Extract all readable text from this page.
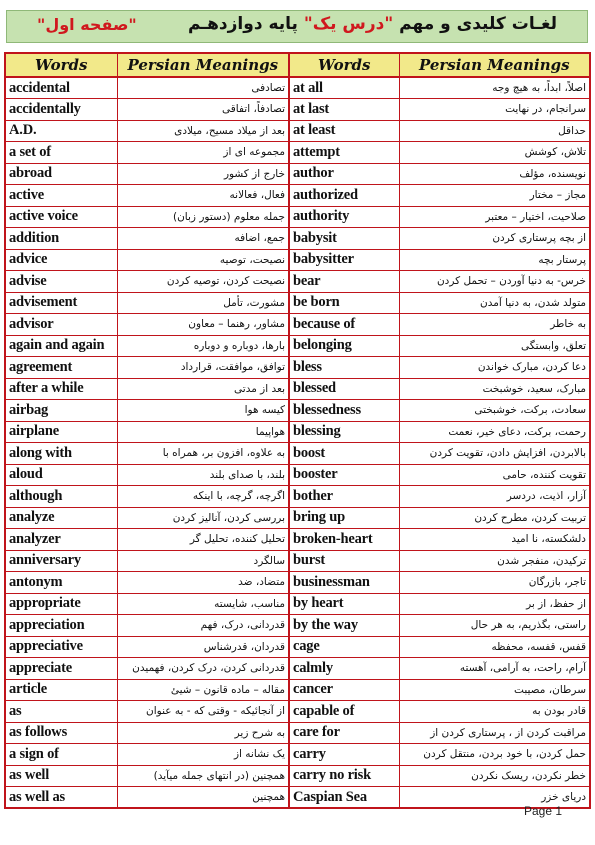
لغـات کلیدی و مهم "درس یک" پایه دوازدهـم
"صفحه اول"
Words	Persian Meanings	Words	Persian Meanings
accidental	تصادفی	at all	اصلاً، ابداً، به هیچ وجه
accidentally	تصادفاً، اتفاقی	at last	سرانجام، در نهایت
A.D.	بعد از میلاد مسیح، میلادی	at least	حداقل
a set of	مجموعه ای از	attempt	تلاش، کوشش
abroad	خارج از کشور	author	نویسنده، مؤلف
active	فعال، فعالانه	authorized	مجاز – مختار
active voice	جمله معلوم (دستور زبان)	authority	صلاحیت، اختیار – معتبر
addition	جمع، اضافه	babysit	از بچه پرستاری کردن
advice	نصیحت، توصیه	babysitter	پرستار بچه
advise	نصیحت کردن، توصیه کردن	bear	خرس- به دنیا آوردن – تحمل کردن
advisement	مشورت، تأمل	be born	متولد شدن، به دنیا آمدن
advisor	مشاور، رهنما – معاون	because of	به خاطر
again and again	بارها، دوباره و دوباره	belonging	تعلق، وابستگی
agreement	توافق، موافقت، قرارداد	bless	دعا کردن، مبارک خواندن
after a while	بعد از مدتی	blessed	مبارک، سعید، خوشبخت
airbag	کیسه هوا	blessedness	سعادت، برکت، خوشبختی
airplane	هواپیما	blessing	رحمت، برکت، دعای خیر، نعمت
along with	به علاوه، افزون بر، همراه با	boost	بالابردن، افزایش دادن، تقویت کردن
aloud	بلند، با صدای بلند	booster	تقویت کننده، حامی
although	اگرچه، گرچه، با اینکه	bother	آزار، اذیت، دردسر
analyze	بررسی کردن، آنالیز کردن	bring up	تربیت کردن، مطرح کردن
analyzer	تحلیل کننده، تحلیل گر	broken-heart	دلشکسته، نا امید
anniversary	سالگرد	burst	ترکیدن، منفجر شدن
antonym	متضاد، ضد	businessman	تاجر، بازرگان
appropriate	مناسب، شایسته	by heart	از حفظ، از بر
appreciation	قدردانی، درک، فهم	by the way	راستی، بگذریم، به هر حال
appreciative	قدردان، قدرشناس	cage	قفس، قفسه، محفظه
appreciate	قدردانی کردن، درک کردن، فهمیدن	calmly	آرام، راحت، به آرامی، آهسته
article	مقاله – ماده قانون – شیئ	cancer	سرطان، مصیبت
as	از آنجائیکه - وقتی که - به عنوان	capable of	قادر بودن به
as follows	به شرح زیر	care for	مراقبت کردن از ، پرستاری کردن از
a sign of	یک نشانه از	carry	حمل کردن، با خود بردن، منتقل کردن
as well	همچنین (در انتهای جمله میآید)	carry no risk	خطر نکردن، ریسک نکردن
as well as	همچنین	Caspian Sea	دریای خزر
Page 1
